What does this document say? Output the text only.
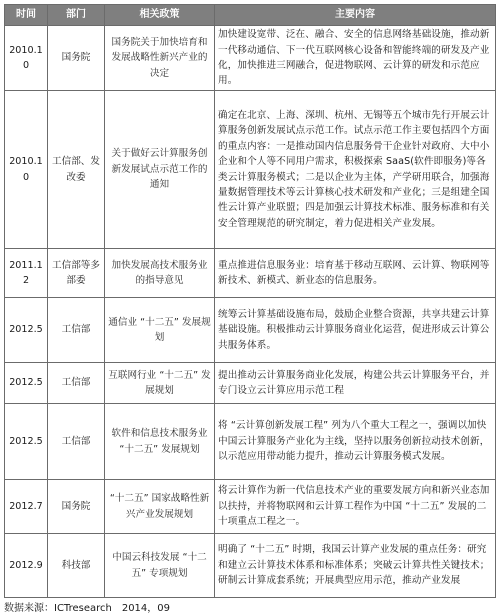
时间	部门	相关政策	主要内容
2010.10	国务院	国务院关于加快培育和发展战略性新兴产业的决定	加快建设宽带、泛在、融合、安全的信息网络基础设施，推动新一代移动通信、下一代互联网核心设备和智能终端的研发及产业化，加快推进三网融合，促进物联网、云计算的研发和示范应用。
2010.10	工信部、发改委	关于做好云计算服务创新发展试点示范工作的通知	确定在北京、上海、深圳、杭州、无锡等五个城市先行开展云计算服务创新发展试点示范工作。试点示范工作主要包括四个方面的重点内容：一是推动国内信息服务骨干企业针对政府、大中小企业和个人等不同用户需求，积极探索 SaaS(软件即服务)等各类云计算服务模式；二是以企业为主体，产学研用联合，加强海量数据管理技术等云计算核心技术研发和产业化；三是组建全国性云计算产业联盟；四是加强云计算技术标准、服务标准和有关安全管理规范的研究制定，着力促进相关产业发展。
2011.12	工信部等多部委	加快发展高技术服务业的指导意见	重点推进信息服务业：培育基于移动互联网、云计算、物联网等新技术、新模式、新业态的信息服务。
2012.5	工信部	通信业 “十二五” 发展规划	统筹云计算基础设施布局，鼓励企业整合资源，共享共建云计算基础设施。积极推动云计算服务商业化运营，促进形成云计算公共服务体系。
2012.5	工信部	互联网行业 “十二五” 发展规划	提出推动云计算服务商业化发展，构建公共云计算服务平台，并专门设立云计算应用示范工程
2012.5	工信部	软件和信息技术服务业 “十二五” 发展规划	将 “云计算创新发展工程” 列为八个重大工程之一，强调以加快中国云计算服务产业化为主线，坚持以服务创新拉动技术创新，以示范应用带动能力提升，推动云计算服务模式发展。
2012.7	国务院	“十二五” 国家战略性新兴产业发展规划	将云计算作为新一代信息技术产业的重要发展方向和新兴业态加以扶持，并将物联网和云计算工程作为中国 “十二五” 发展的二十项重点工程之一。
2012.9	科技部	中国云科技发展 “十二五” 专项规划	明确了 “十二五” 时期，我国云计算产业发展的重点任务：研究和建立云计算技术体系和标准体系；突破云计算共性关键技术；研制云计算成套系统；开展典型应用示范，推动产业发展
数据来源：ICTresearch　2014，09
